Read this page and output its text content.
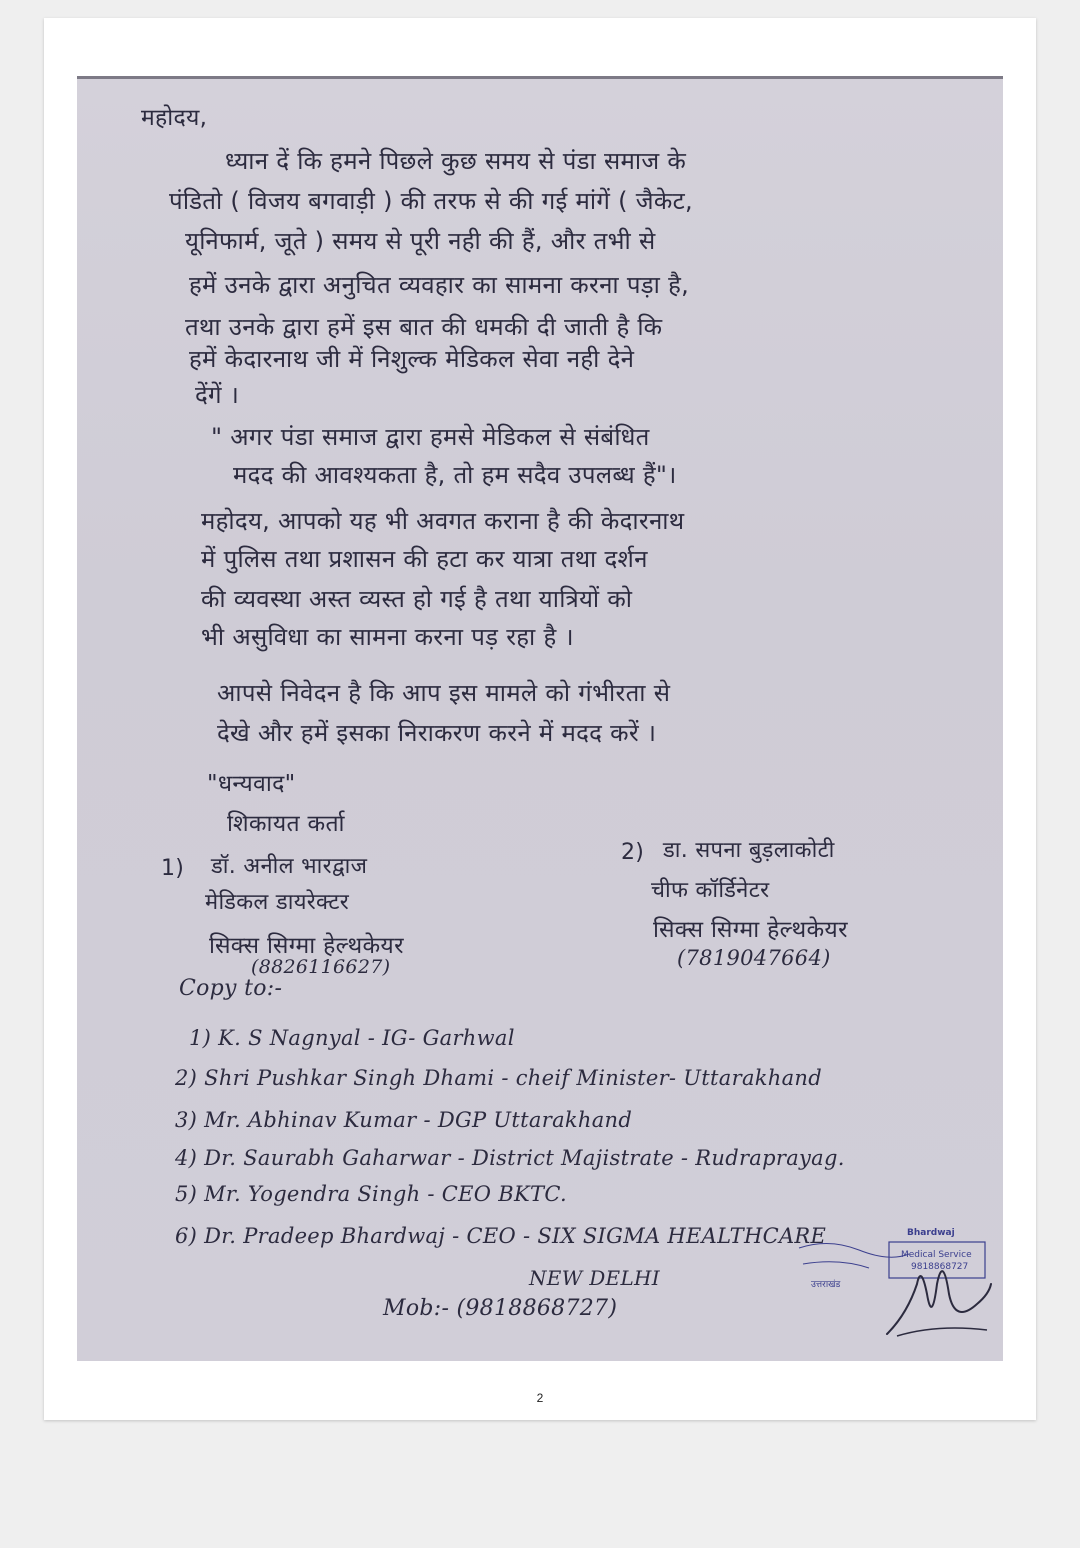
महोदय,
ध्यान दें कि हमने पिछले कुछ समय से पंडा समाज के
पंडितो ( विजय बगवाड़ी ) की तरफ से की गई मांगें ( जैकेट,
यूनिफार्म, जूते ) समय से पूरी नही की हैं, और तभी से
हमें उनके द्वारा अनुचित व्यवहार का सामना करना पड़ा है,
तथा उनके द्वारा हमें इस बात की धमकी दी जाती है कि
हमें केदारनाथ जी में निशुल्क मेडिकल सेवा नही देने
देंगें ।
" अगर पंडा समाज द्वारा हमसे मेडिकल से संबंधित
मदद की आवश्यकता है, तो हम सदैव उपलब्ध हैं"।
महोदय, आपको यह भी अवगत कराना है की केदारनाथ
में पुलिस तथा प्रशासन की हटा कर यात्रा तथा दर्शन
की व्यवस्था अस्त व्यस्त हो गई है तथा यात्रियों को
भी असुविधा का सामना करना पड़ रहा है ।
आपसे निवेदन है कि आप इस मामले को गंभीरता से
देखे और हमें इसका निराकरण करने में मदद करें ।
"धन्यवाद"
शिकायत कर्ता
1) डॉ. अनील भारद्वाज
मेडिकल डायरेक्टर
सिक्स सिग्मा हेल्थकेयर
(8826116627)
2) डा. सपना बुड़लाकोटी
चीफ कॉर्डिनेटर
सिक्स सिग्मा हेल्थकेयर
(7819047664)
Copy to:-
1) K. S Nagnyal - IG- Garhwal
2) Shri Pushkar Singh Dhami - cheif Minister- Uttarakhand
3) Mr. Abhinav Kumar - DGP Uttarakhand
4) Dr. Saurabh Gaharwar - District Majistrate - Rudraprayag.
5) Mr. Yogendra Singh - CEO BKTC.
6) Dr. Pradeep Bhardwaj - CEO - SIX SIGMA HEALTHCARE
NEW DELHI
Mob:- (9818868727)
Bhardwaj
Medical Service
9818868727
उत्तराखंड
2
